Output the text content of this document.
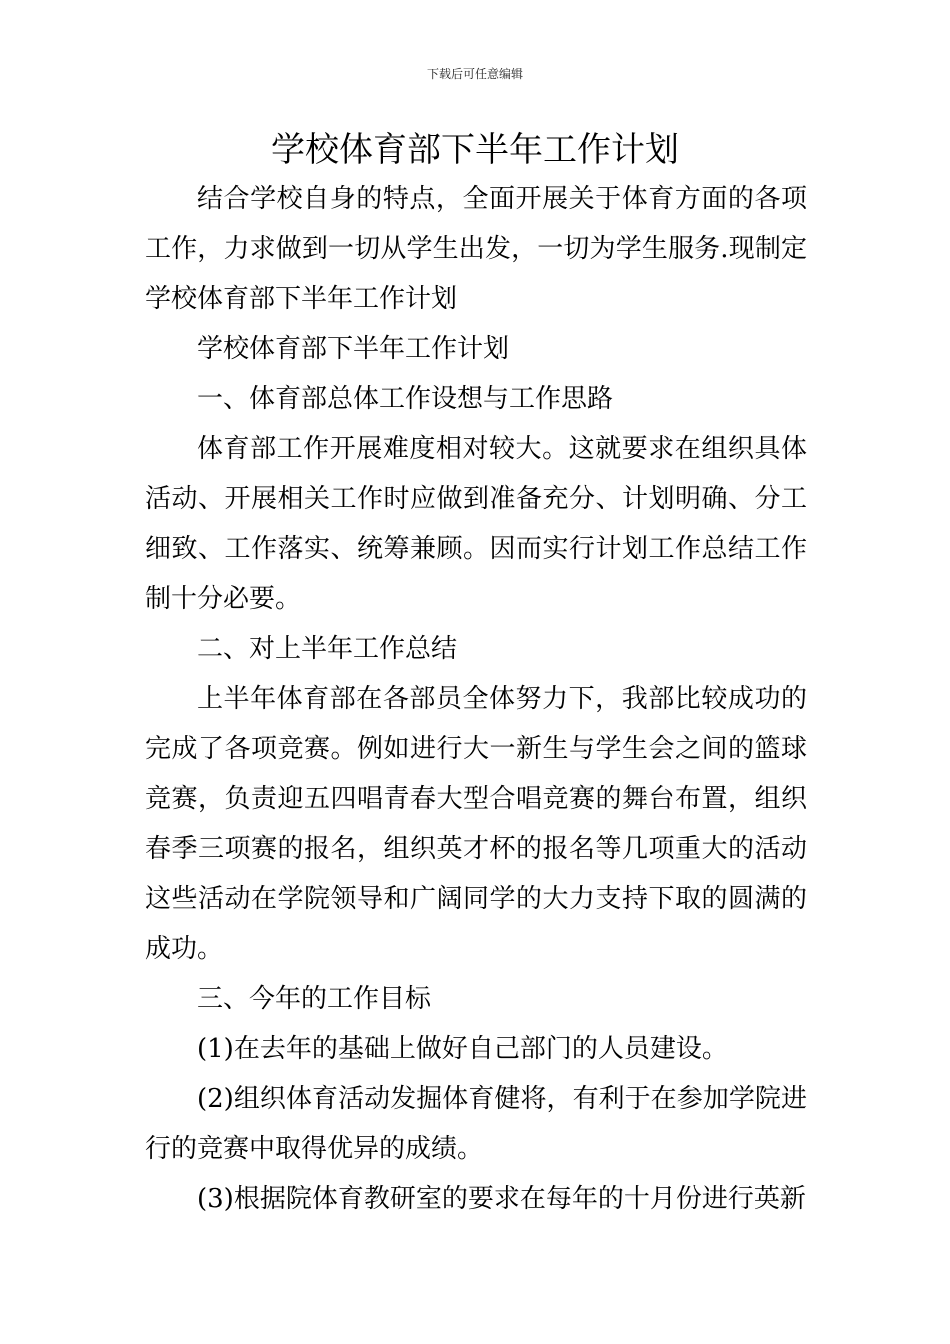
下载后可任意编辑
学校体育部下半年工作计划

结合学校自身的特点，全面开展关于体育方面的各项工作，力求做到一切从学生出发，一切为学生服务.现制定学校体育部下半年工作计划

学校体育部下半年工作计划

一、体育部总体工作设想与工作思路

体育部工作开展难度相对较大。这就要求在组织具体活动、开展相关工作时应做到准备充分、计划明确、分工细致、工作落实、统筹兼顾。因而实行计划工作总结工作制十分必要。

二、对上半年工作总结

上半年体育部在各部员全体努力下，我部比较成功的完成了各项竞赛。例如进行大一新生与学生会之间的篮球竞赛，负责迎五四唱青春大型合唱竞赛的舞台布置，组织春季三项赛的报名，组织英才杯的报名等几项重大的活动这些活动在学院领导和广阔同学的大力支持下取的圆满的成功。

三、今年的工作目标

(1)在去年的基础上做好自己部门的人员建设。

(2)组织体育活动发掘体育健将，有利于在参加学院进行的竞赛中取得优异的成绩。

(3)根据院体育教研室的要求在每年的十月份进行英新
